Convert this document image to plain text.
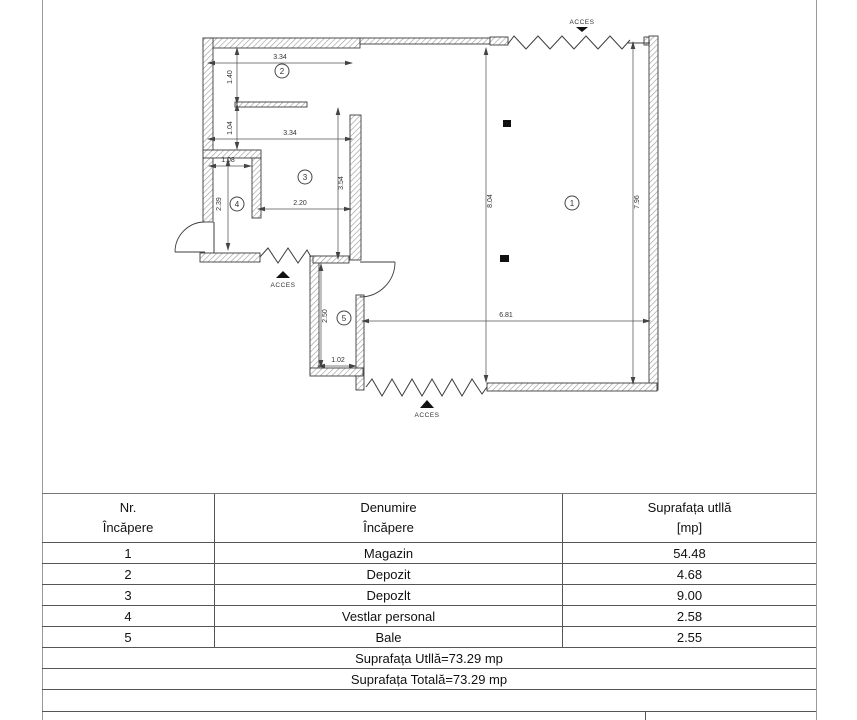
3.34
1.40
1.04	3.34
1.08
2.39	2.20
3.54
2.50
1.02
6.81
8.04	7.96
1
2
3
4
5
ACCES
ACCES
ACCES
Nr.
Încăpere
Denumire
Încăpere
Suprafața utllă
[mp]
1	Magazin	54.48
2	Depozit	4.68
3	Depozlt	9.00
4	Vestlar personal	2.58
5	Bale	2.55
Suprafața Utllă=73.29 mp
Suprafața Totală=73.29 mp
